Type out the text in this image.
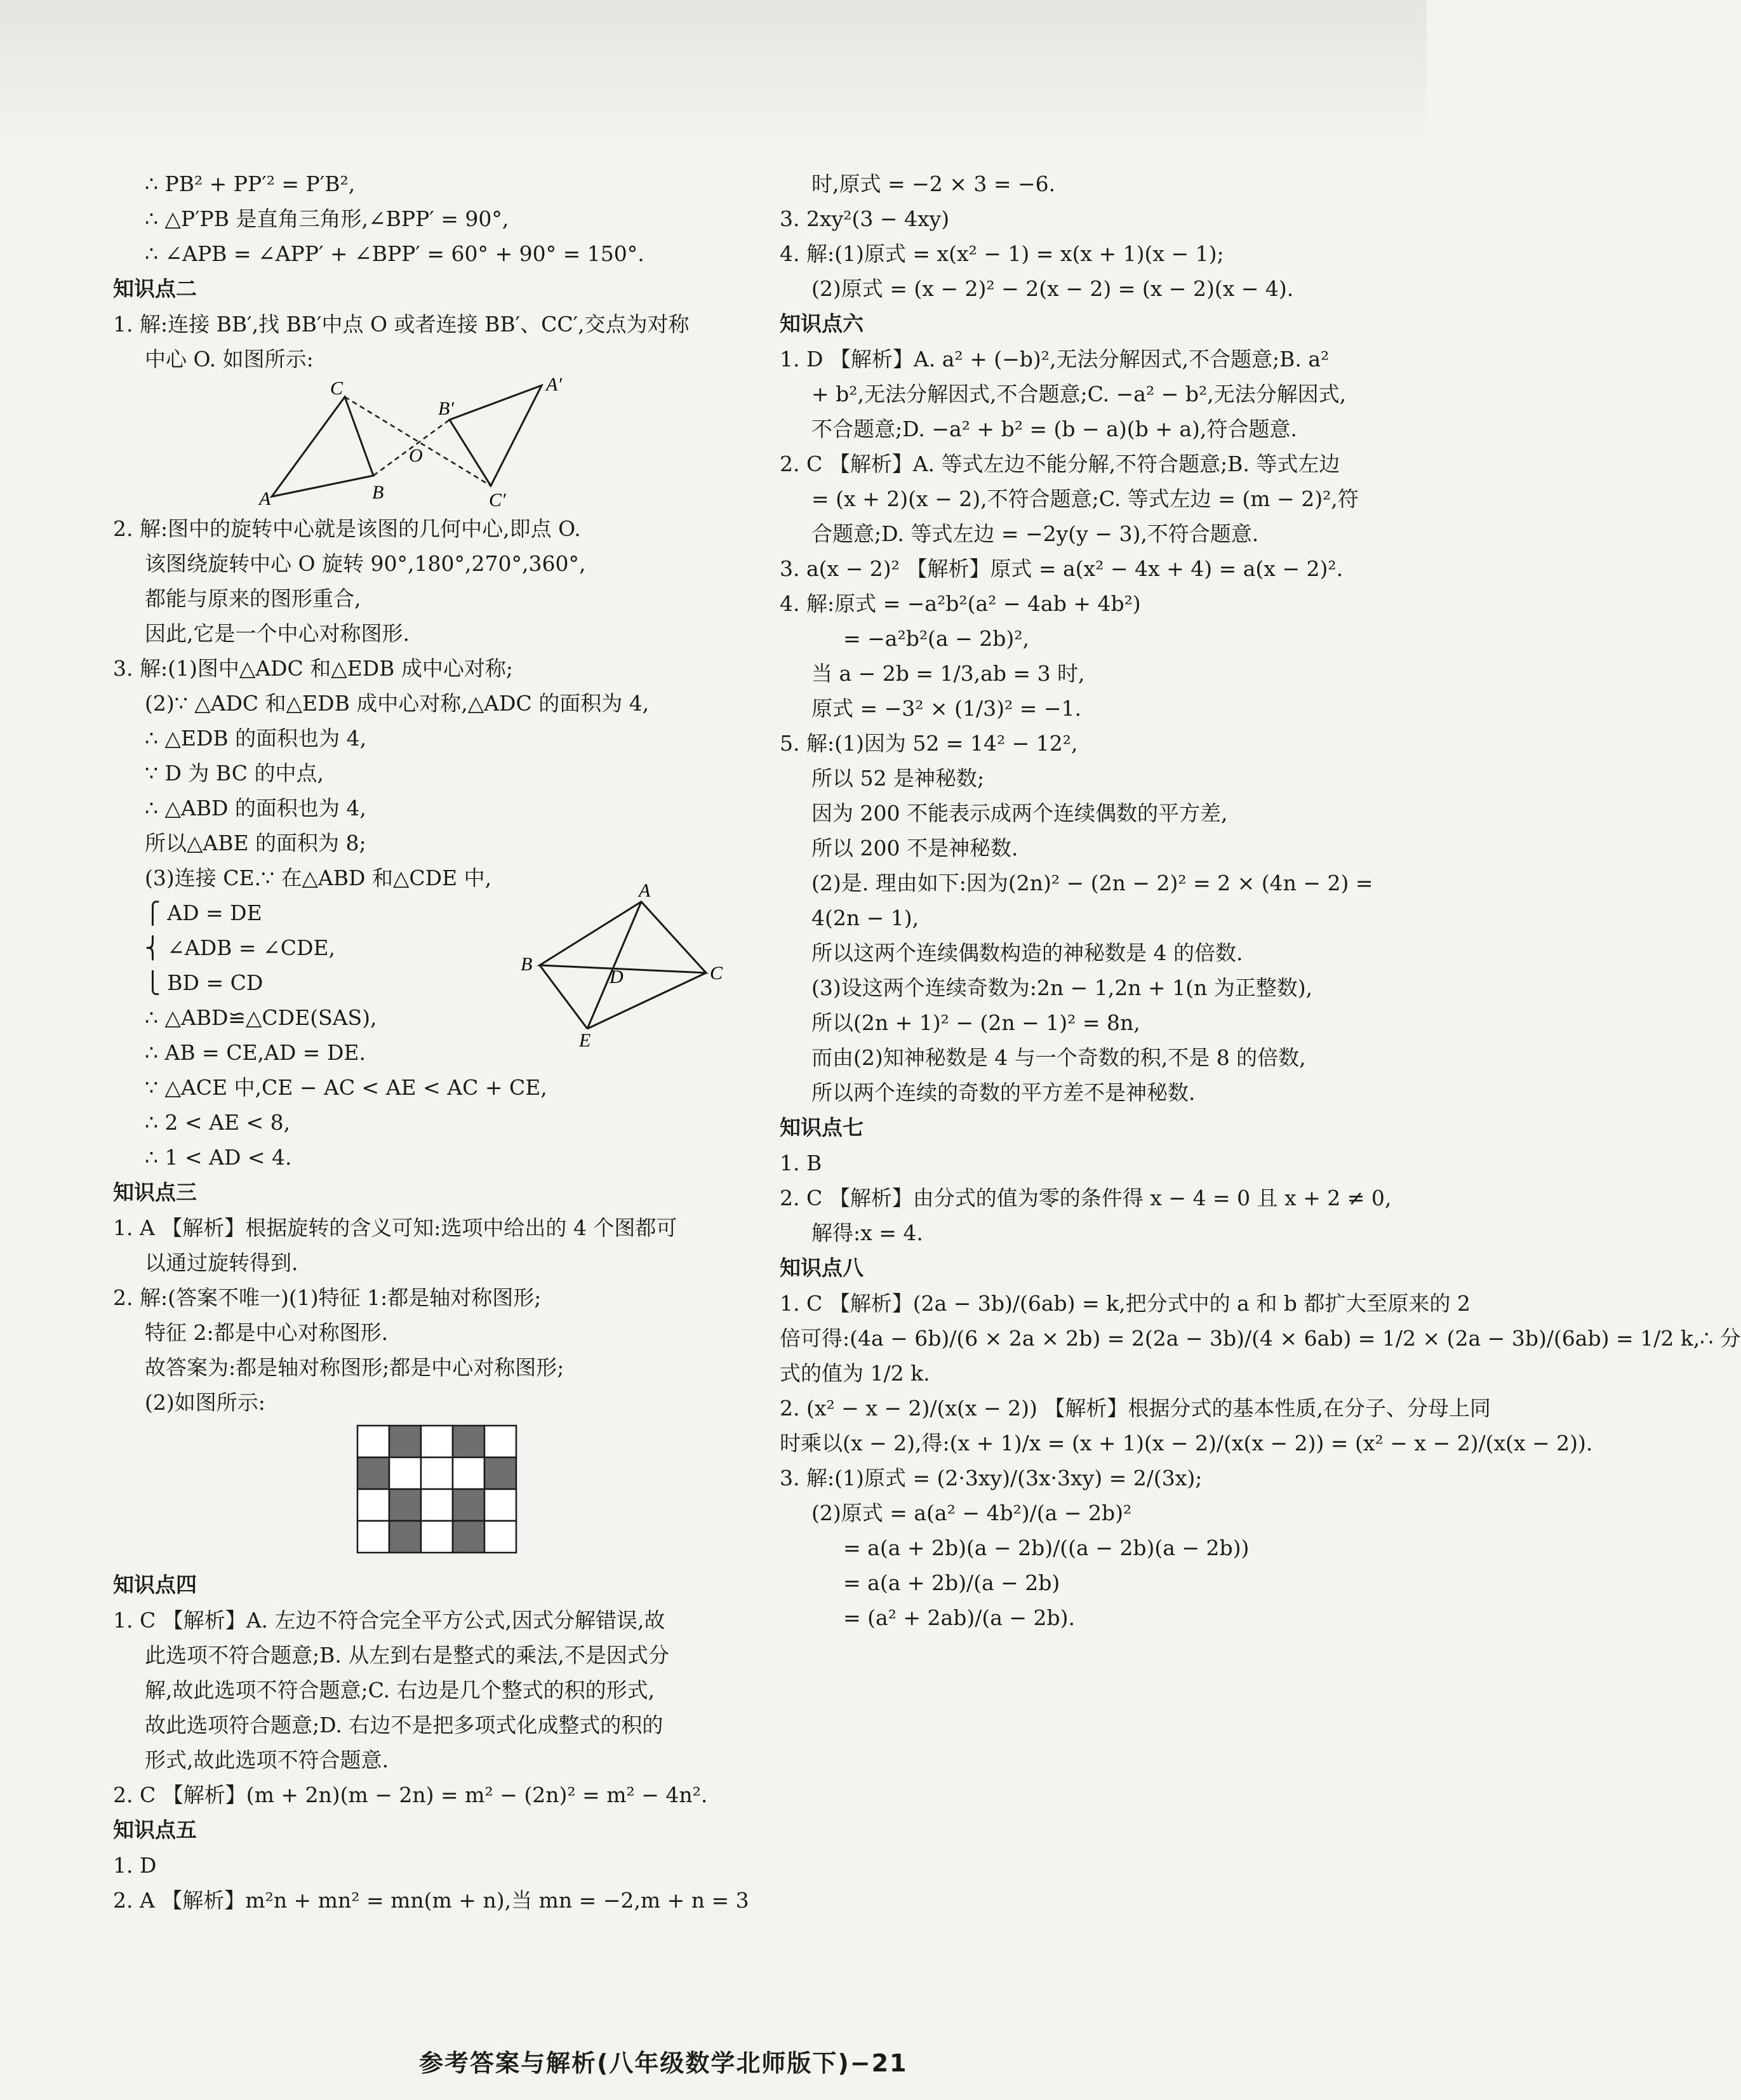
∴ PB² + PP′² = P′B²,
∴ △P′PB 是直角三角形,∠BPP′ = 90°,
∴ ∠APB = ∠APP′ + ∠BPP′ = 60° + 90° = 150°.
知识点二
1. 解:连接 BB′,找 BB′中点 O 或者连接 BB′、CC′,交点为对称
中心 O. 如图所示:
C
B′
A′
O
B	C′
A
2. 解:图中的旋转中心就是该图的几何中心,即点 O.
该图绕旋转中心 O 旋转 90°,180°,270°,360°,
都能与原来的图形重合,
因此,它是一个中心对称图形.
3. 解:(1)图中△ADC 和△EDB 成中心对称;
(2)∵ △ADC 和△EDB 成中心对称,△ADC 的面积为 4,
∴ △EDB 的面积也为 4,
∵ D 为 BC 的中点,
∴ △ABD 的面积也为 4,
所以△ABE 的面积为 8;
(3)连接 CE.∵ 在△ABD 和△CDE 中,
⎧ AD = DE
⎨ ∠ADB = ∠CDE,
⎩ BD = CD
∴ △ABD≌△CDE(SAS),
∴ AB = CE,AD = DE.
∵ △ACE 中,CE − AC < AE < AC + CE,
∴ 2 < AE < 8,
∴ 1 < AD < 4.
知识点三
1. A 【解析】根据旋转的含义可知:选项中给出的 4 个图都可
以通过旋转得到.
2. 解:(答案不唯一)(1)特征 1:都是轴对称图形;
特征 2:都是中心对称图形.
故答案为:都是轴对称图形;都是中心对称图形;
(2)如图所示:
知识点四
1. C 【解析】A. 左边不符合完全平方公式,因式分解错误,故
此选项不符合题意;B. 从左到右是整式的乘法,不是因式分
解,故此选项不符合题意;C. 右边是几个整式的积的形式,
故此选项符合题意;D. 右边不是把多项式化成整式的积的
形式,故此选项不符合题意.
2. C 【解析】(m + 2n)(m − 2n) = m² − (2n)² = m² − 4n².
知识点五
1. D
2. A 【解析】m²n + mn² = mn(m + n),当 mn = −2,m + n = 3
时,原式 = −2 × 3 = −6.
3. 2xy²(3 − 4xy)
4. 解:(1)原式 = x(x² − 1) = x(x + 1)(x − 1);
(2)原式 = (x − 2)² − 2(x − 2) = (x − 2)(x − 4).
知识点六
1. D 【解析】A. a² + (−b)²,无法分解因式,不合题意;B. a²
+ b²,无法分解因式,不合题意;C. −a² − b²,无法分解因式,
不合题意;D. −a² + b² = (b − a)(b + a),符合题意.
2. C 【解析】A. 等式左边不能分解,不符合题意;B. 等式左边
= (x + 2)(x − 2),不符合题意;C. 等式左边 = (m − 2)²,符
合题意;D. 等式左边 = −2y(y − 3),不符合题意.
3. a(x − 2)² 【解析】原式 = a(x² − 4x + 4) = a(x − 2)².
4. 解:原式 = −a²b²(a² − 4ab + 4b²)
= −a²b²(a − 2b)²,
当 a − 2b = 1/3,ab = 3 时,
原式 = −3² × (1/3)² = −1.
5. 解:(1)因为 52 = 14² − 12²,
所以 52 是神秘数;
因为 200 不能表示成两个连续偶数的平方差,
所以 200 不是神秘数.
(2)是. 理由如下:因为(2n)² − (2n − 2)² = 2 × (4n − 2) =
4(2n − 1),
所以这两个连续偶数构造的神秘数是 4 的倍数.
(3)设这两个连续奇数为:2n − 1,2n + 1(n 为正整数),
所以(2n + 1)² − (2n − 1)² = 8n,
而由(2)知神秘数是 4 与一个奇数的积,不是 8 的倍数,
所以两个连续的奇数的平方差不是神秘数.
知识点七
1. B
2. C 【解析】由分式的值为零的条件得 x − 4 = 0 且 x + 2 ≠ 0,
解得:x = 4.
知识点八
1. C 【解析】(2a − 3b)/(6ab) = k,把分式中的 a 和 b 都扩大至原来的 2
倍可得:(4a − 6b)/(6 × 2a × 2b) = 2(2a − 3b)/(4 × 6ab) = 1/2 × (2a − 3b)/(6ab) = 1/2 k,∴ 分
式的值为 1/2 k.
2. (x² − x − 2)/(x(x − 2)) 【解析】根据分式的基本性质,在分子、分母上同
时乘以(x − 2),得:(x + 1)/x = (x + 1)(x − 2)/(x(x − 2)) = (x² − x − 2)/(x(x − 2)).
3. 解:(1)原式 = (2·3xy)/(3x·3xy) = 2/(3x);
(2)原式 = a(a² − 4b²)/(a − 2b)²
= a(a + 2b)(a − 2b)/((a − 2b)(a − 2b))
= a(a + 2b)/(a − 2b)
= (a² + 2ab)/(a − 2b).
A
B
D	C
E
参考答案与解析(八年级数学北师版下)−21
